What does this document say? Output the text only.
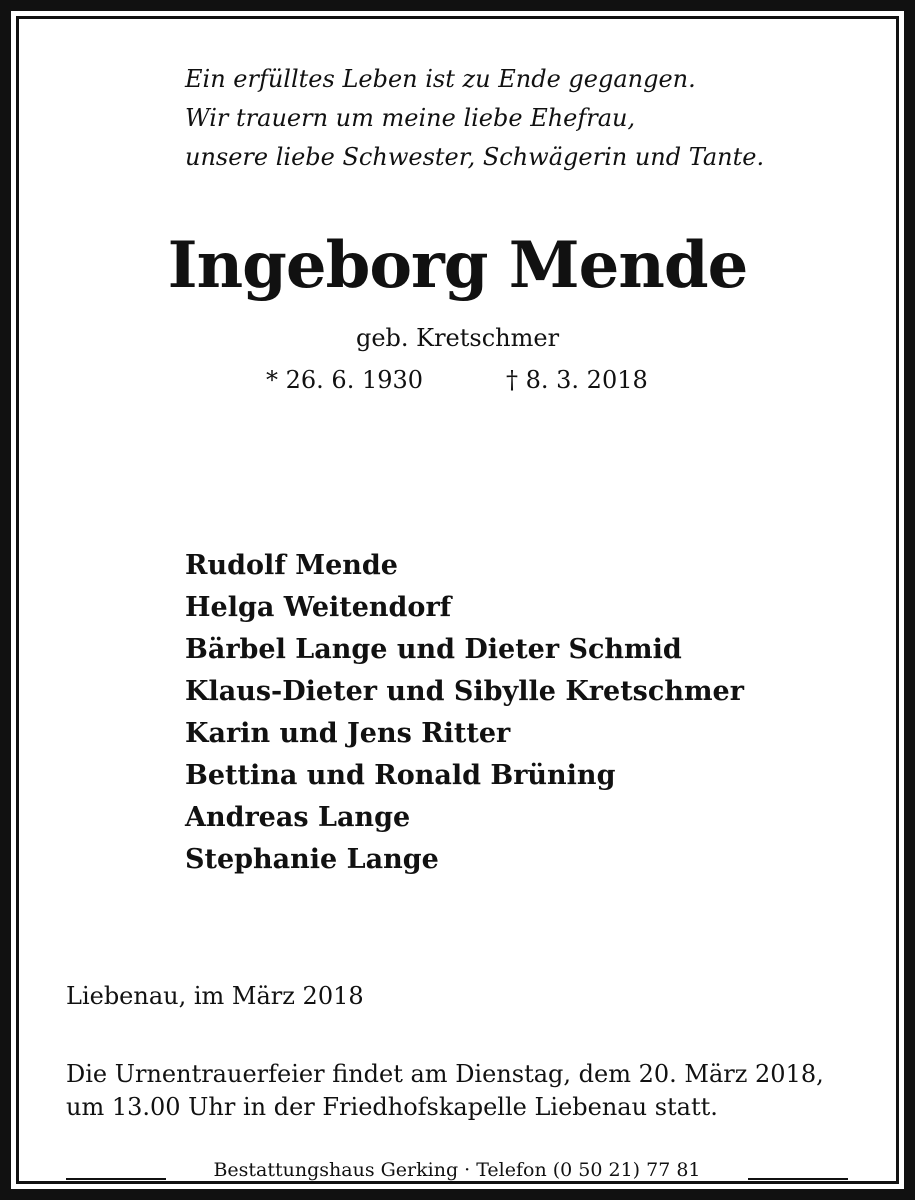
Ein erfülltes Leben ist zu Ende gegangen.
Wir trauern um meine liebe Ehefrau,
unsere liebe Schwester, Schwägerin und Tante.
Ingeborg Mende
geb. Kretschmer
* 26. 6. 1930	† 8. 3. 2018
Rudolf Mende
Helga Weitendorf
Bärbel Lange und Dieter Schmid
Klaus-Dieter und Sibylle Kretschmer
Karin und Jens Ritter
Bettina und Ronald Brüning
Andreas Lange
Stephanie Lange
Liebenau, im März 2018
Die Urnentrauerfeier findet am Dienstag, dem 20. März 2018,
um 13.00 Uhr in der Friedhofskapelle Liebenau statt.
Bestattungshaus Gerking · Telefon (0 50 21) 77 81
